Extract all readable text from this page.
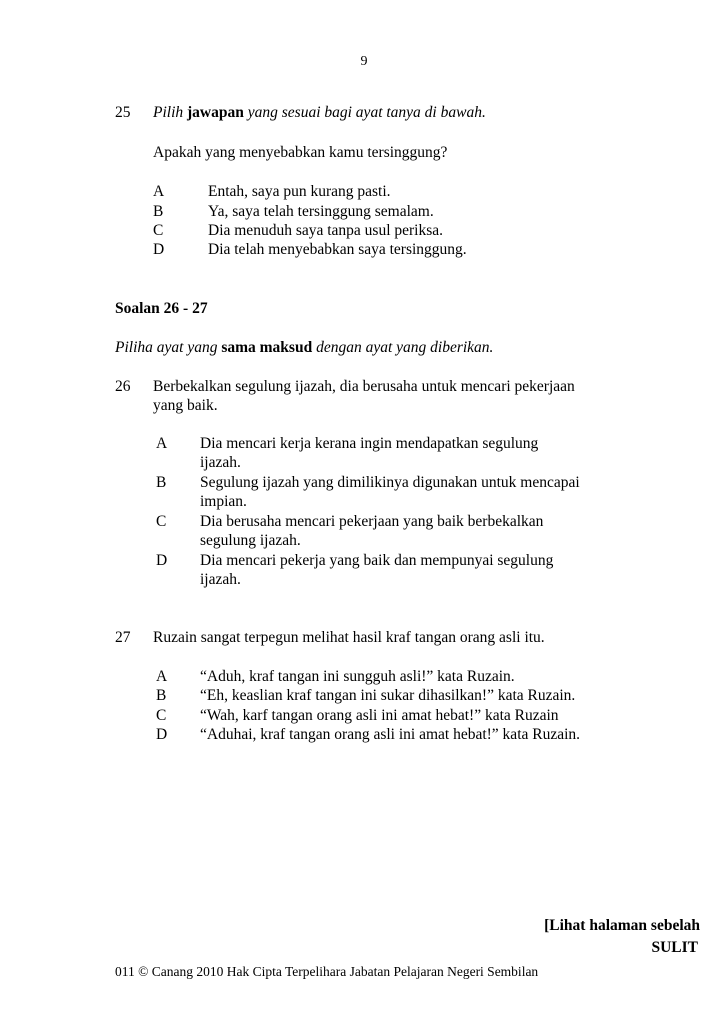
9
25 Pilih jawapan yang sesuai bagi ayat tanya di bawah.
Apakah yang menyebabkan kamu tersinggung?
A	Entah, saya pun kurang pasti.
B	Ya, saya telah tersinggung semalam.
C	Dia menuduh saya tanpa usul periksa.
D	Dia telah menyebabkan saya tersinggung.
Soalan 26 - 27
Piliha ayat yang sama maksud dengan ayat yang diberikan.
26 Berbekalkan segulung ijazah, dia berusaha untuk mencari pekerjaan
yang baik.
A Dia mencari kerja kerana ingin mendapatkan segulung
ijazah.
B Segulung ijazah yang dimilikinya digunakan untuk mencapai
impian.
C Dia berusaha mencari pekerjaan yang baik berbekalkan
segulung ijazah.
D Dia mencari pekerja yang baik dan mempunyai segulung
ijazah.
27 Ruzain sangat terpegun melihat hasil kraf tangan orang asli itu.
A “Aduh, kraf tangan ini sungguh asli!” kata Ruzain.
B “Eh, keaslian kraf tangan ini sukar dihasilkan!” kata Ruzain.
C “Wah, karf tangan orang asli ini amat hebat!” kata Ruzain
D “Aduhai, kraf tangan orang asli ini amat hebat!” kata Ruzain.
[Lihat halaman sebelah
SULIT
011 © Canang 2010 Hak Cipta Terpelihara Jabatan Pelajaran Negeri Sembilan
